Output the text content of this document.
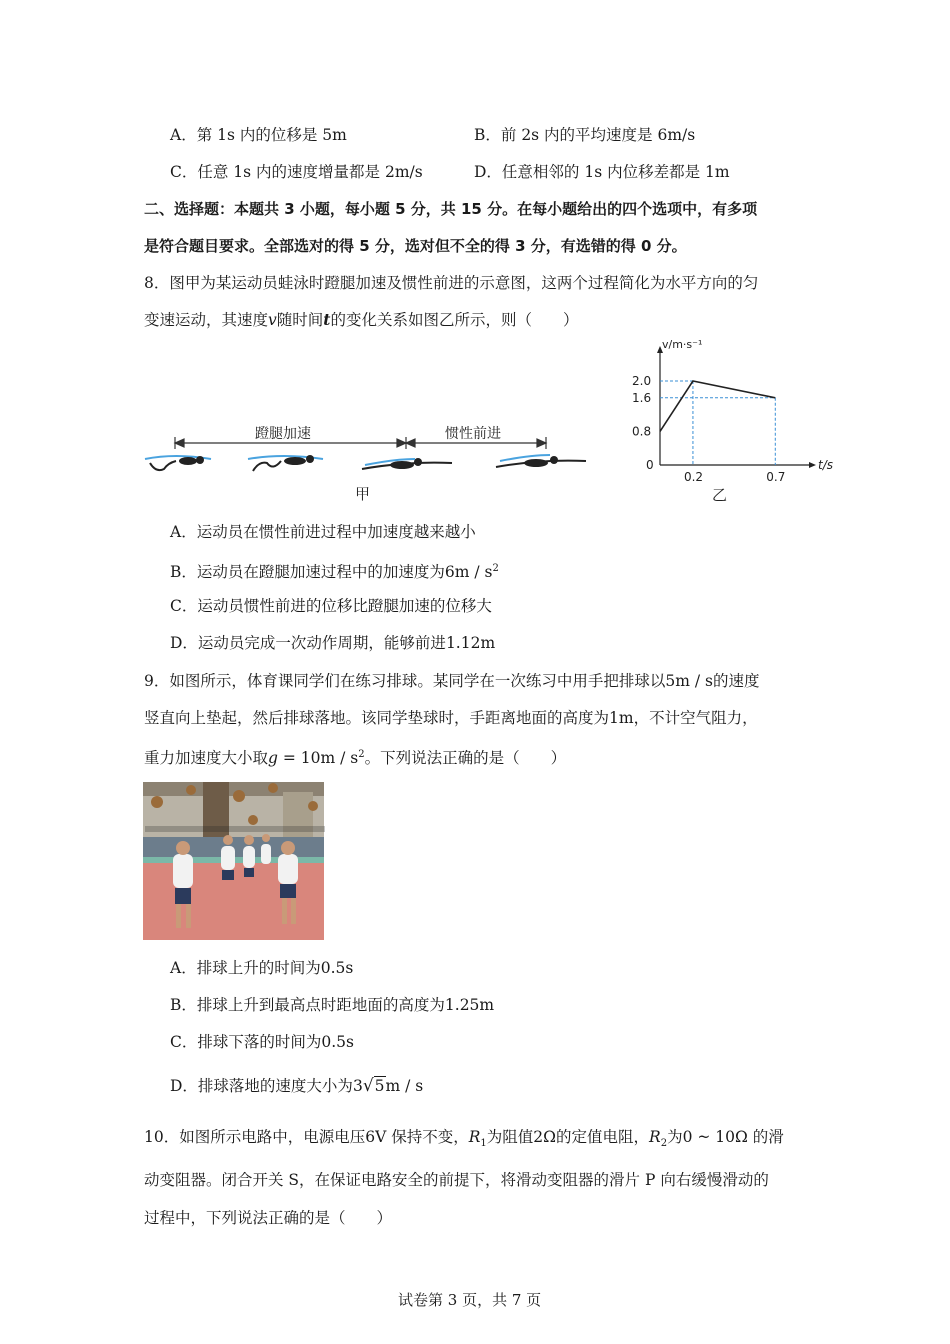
A．第 1s 内的位移是 5m	B．前 2s 内的平均速度是 6m/s
C．任意 1s 内的速度增量都是 2m/s	D．任意相邻的 1s 内位移差都是 1m
二、选择题：本题共 3 小题，每小题 5 分，共 15 分。在每小题给出的四个选项中，有多项
是符合题目要求。全部选对的得 5 分，选对但不全的得 3 分，有选错的得 0 分。
8．图甲为某运动员蛙泳时蹬腿加速及惯性前进的示意图，这两个过程简化为水平方向的匀
变速运动，其速度v随时间t的变化关系如图乙所示，则（　　）
蹬腿加速	惯性前进
甲
v/m·s⁻¹
t/s
0
0.8
1.6
2.0
0.2	0.7
乙
A．运动员在惯性前进过程中加速度越来越小
B．运动员在蹬腿加速过程中的加速度为$6m / s^2$
C．运动员惯性前进的位移比蹬腿加速的位移大
D．运动员完成一次动作周期，能够前进1.12m
9．如图所示，体育课同学们在练习排球。某同学在一次练习中用手把排球以5m / s的速度
竖直向上垫起，然后排球落地。该同学垫球时，手距离地面的高度为1m，不计空气阻力，
重力加速度大小取$g = 10m / s^2$。下列说法正确的是（　　）
A．排球上升的时间为0.5s
B．排球上升到最高点时距地面的高度为1.25m
C．排球下落的时间为0.5s
D．排球落地的速度大小为3√5m / s
10．如图所示电路中，电源电压6V 保持不变，$R_1$为阻值2Ω的定值电阻，$R_2$为0 ~ 10Ω 的滑
动变阻器。闭合开关 S，在保证电路安全的前提下，将滑动变阻器的滑片 P 向右缓慢滑动的
过程中，下列说法正确的是（　　）
试卷第 3 页，共 7 页
